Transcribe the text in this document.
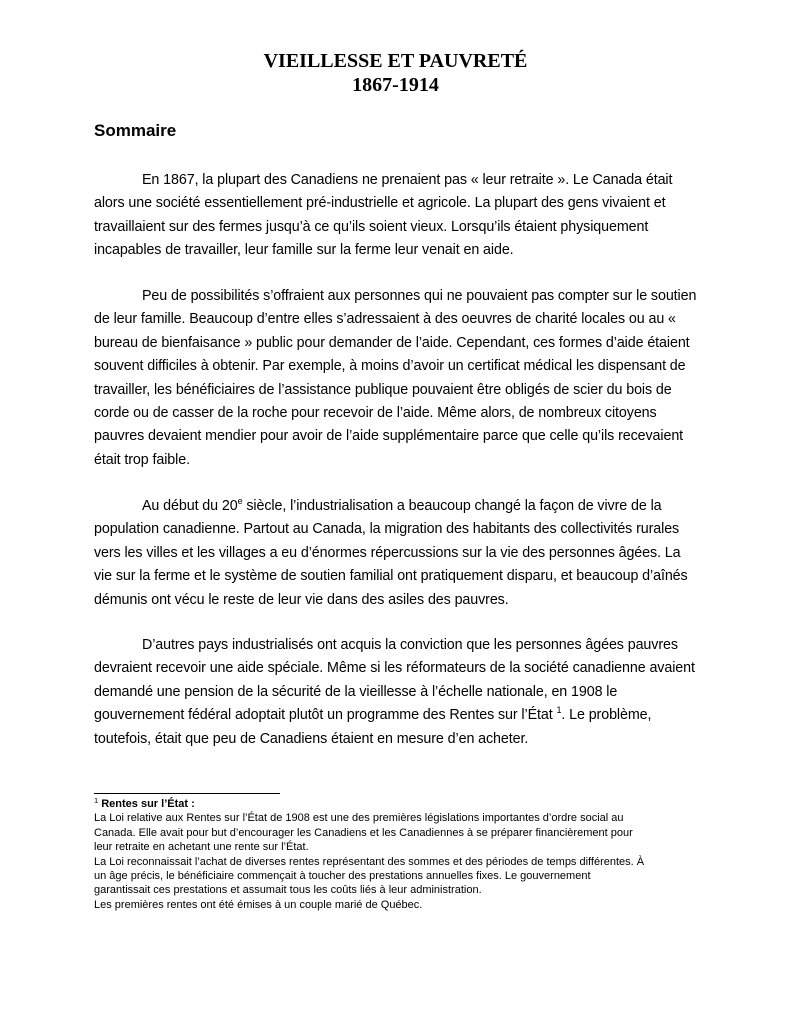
VIEILLESSE ET PAUVRETÉ
1867-1914
Sommaire

En 1867, la plupart des Canadiens ne prenaient pas « leur retraite ». Le Canada était
alors une société essentiellement pré-industrielle et agricole. La plupart des gens vivaient et
travaillaient sur des fermes jusqu’à ce qu’ils soient vieux. Lorsqu’ils étaient physiquement
incapables de travailler, leur famille sur la ferme leur venait en aide.

Peu de possibilités s’offraient aux personnes qui ne pouvaient pas compter sur le soutien
de leur famille. Beaucoup d’entre elles s’adressaient à des oeuvres de charité locales ou au «
bureau de bienfaisance » public pour demander de l’aide. Cependant, ces formes d’aide étaient
souvent difficiles à obtenir. Par exemple, à moins d’avoir un certificat médical les dispensant de
travailler, les bénéficiaires de l’assistance publique pouvaient être obligés de scier du bois de
corde ou de casser de la roche pour recevoir de l’aide. Même alors, de nombreux citoyens
pauvres devaient mendier pour avoir de l’aide supplémentaire parce que celle qu’ils recevaient
était trop faible.

Au début du 20e siècle, l’industrialisation a beaucoup changé la façon de vivre de la
population canadienne. Partout au Canada, la migration des habitants des collectivités rurales
vers les villes et les villages a eu d’énormes répercussions sur la vie des personnes âgées. La
vie sur la ferme et le système de soutien familial ont pratiquement disparu, et beaucoup d’aînés
démunis ont vécu le reste de leur vie dans des asiles des pauvres.

D’autres pays industrialisés ont acquis la conviction que les personnes âgées pauvres
devraient recevoir une aide spéciale. Même si les réformateurs de la société canadienne avaient
demandé une pension de la sécurité de la vieillesse à l’échelle nationale, en 1908 le
gouvernement fédéral adoptait plutôt un programme des Rentes sur l’État $^1$. Le problème,
toutefois, était que peu de Canadiens étaient en mesure d’en acheter.

$^1$ Rentes sur l’État :
La Loi relative aux Rentes sur l’État de 1908 est une des premières législations importantes d’ordre social au
Canada. Elle avait pour but d’encourager les Canadiens et les Canadiennes à se préparer financièrement pour
leur retraite en achetant une rente sur l’État.
La Loi reconnaissait l’achat de diverses rentes représentant des sommes et des périodes de temps différentes. À
un âge précis, le bénéficiaire commençait à toucher des prestations annuelles fixes. Le gouvernement
garantissait ces prestations et assumait tous les coûts liés à leur administration.
Les premières rentes ont été émises à un couple marié de Québec.
